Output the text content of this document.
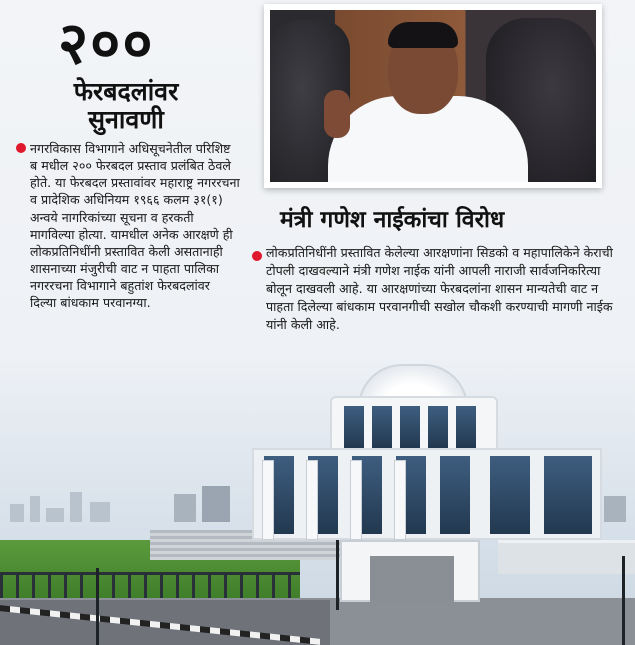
२००
फेरबदलांवर सुनावणी

नगरविकास विभागाने अधिसूचनेतील परिशिष्ट ब मधील २०० फेरबदल प्रस्ताव प्रलंबित ठेवले होते. या फेरबदल प्रस्तावांवर महाराष्ट्र नगररचना व प्रादेशिक अधिनियम १९६६ कलम ३१(१) अन्वये नागरिकांच्या सूचना व हरकती मागविल्या होत्या. यामधील अनेक आरक्षणे ही लोकप्रतिनिधींनी प्रस्तावित केली असतानाही शासनाच्या मंजुरीची वाट न पाहता पालिका नगररचना विभागाने बहुतांश फेरबदलांवर दिल्या बांधकाम परवानग्या.

मंत्री गणेश नाईकांचा विरोध

लोकप्रतिनिधींनी प्रस्तावित केलेल्या आरक्षणांना सिडको व महापालिकेने केराची टोपली दाखवल्याने मंत्री गणेश नाईक यांनी आपली नाराजी सार्वजनिकरित्या बोलून दाखवली आहे. या आरक्षणांच्या फेरबदलांना शासन मान्यतेची वाट न पाहता दिलेल्या बांधकाम परवानगीची सखोल चौकशी करण्याची मागणी नाईक यांनी केली आहे.
